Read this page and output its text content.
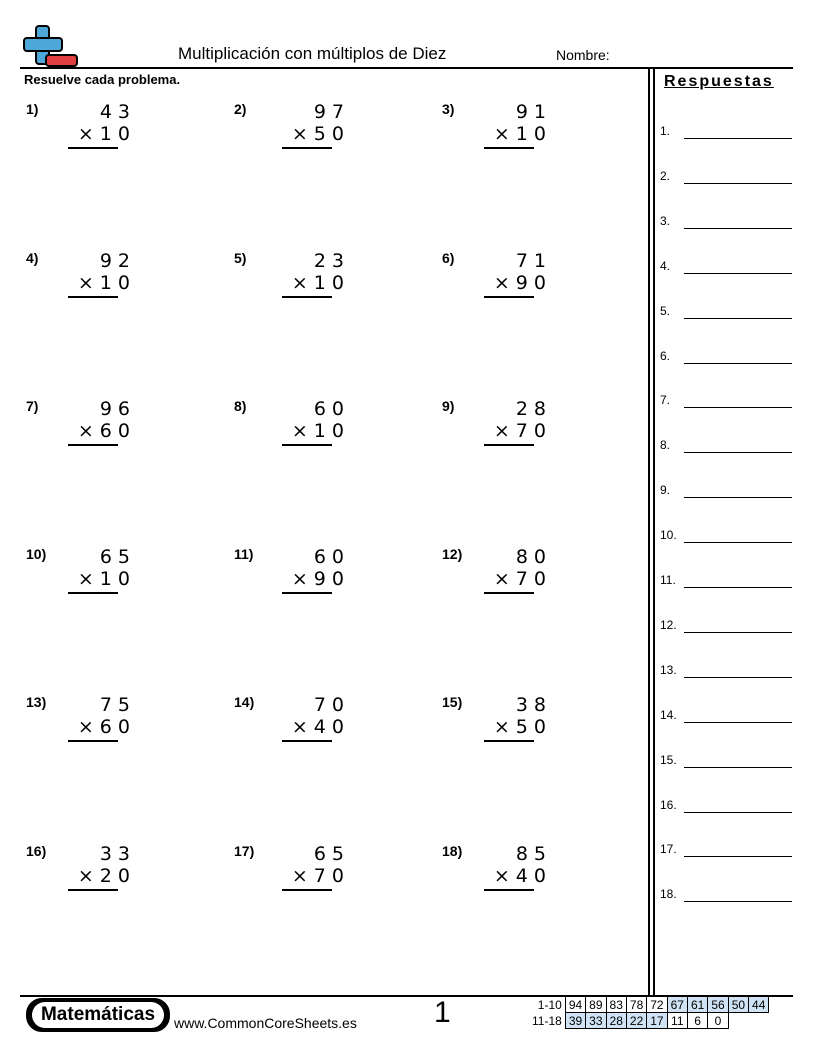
Multiplicación con múltiplos de Diez	Nombre:
Resuelve cada problema.	Respuestas
1.
2.
3.
4.
5.
6.
7.
8.
9.
10.
11.
12.
13.
14.
15.
16.
17.
18.
1)	43
×10
2)	97
×50
3)	91
×10
4)	92
×10
5)	23
×10
6)	71
×90
7)	96
×60
8)	60
×10
9)	28
×70
10)	65
×10
11)	60
×90
12)	80
×70
13)	75
×60
14)	70
×40
15)	38
×50
16)	33
×20
17)	65
×70
18)	85
×40
Matemáticas	www.CommonCoreSheets.es	1	1-10	94	89	83	78	72	67	61	56	50	44
11-18	39	33	28	22	17	11	6	0		
